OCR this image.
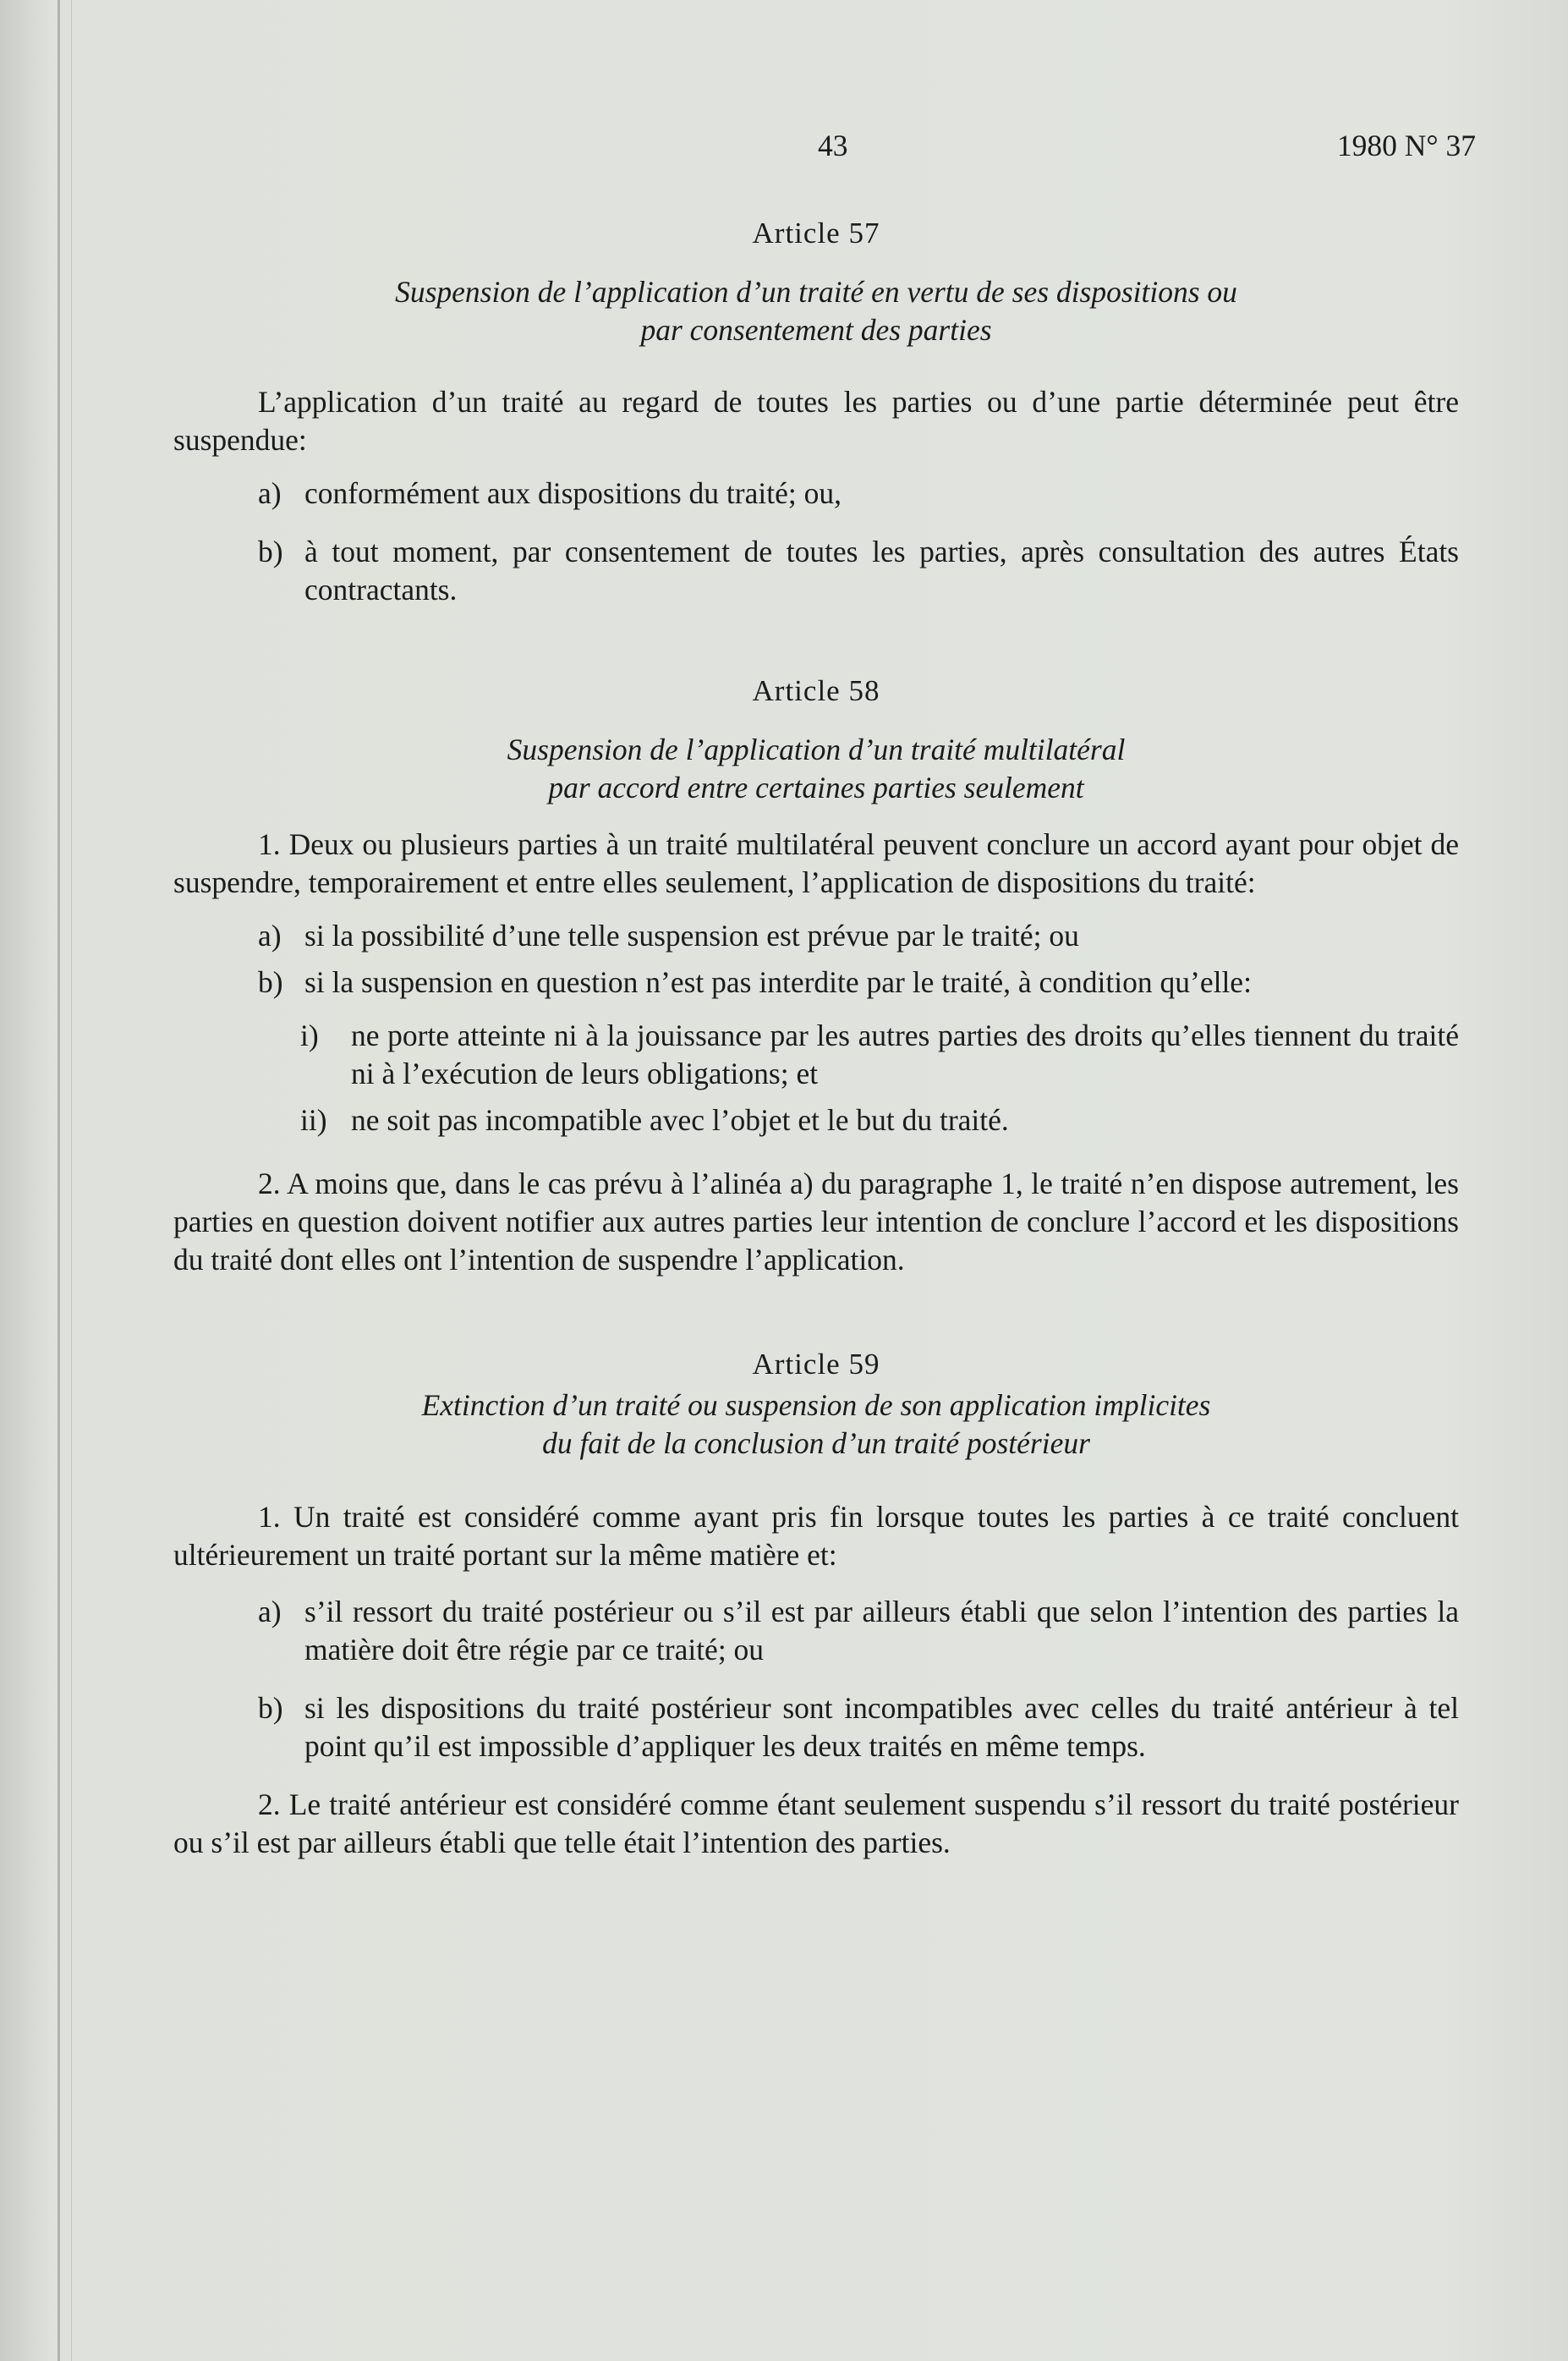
43	1980 N° 37

Article 57

Suspension de l’application d’un traité en vertu de ses dispositions ou

par consentement des parties

L’application d’un traité au regard de toutes les parties ou d’une partie déterminée peut être suspendue:

a) conformément aux dispositions du traité; ou,
b) à tout moment, par consentement de toutes les parties, après consultation des autres États contractants.

Article 58

Suspension de l’application d’un traité multilatéral

par accord entre certaines parties seulement

1. Deux ou plusieurs parties à un traité multilatéral peuvent conclure un accord ayant pour objet de suspendre, temporairement et entre elles seulement, l’application de dispositions du traité:

a) si la possibilité d’une telle suspension est prévue par le traité; ou
b) si la suspension en question n’est pas interdite par le traité, à condition qu’elle:
i)	ne porte atteinte ni à la jouissance par les autres parties des droits qu’elles tiennent du traité ni à l’exécution de leurs obligations; et
ii) ne soit pas incompatible avec l’objet et le but du traité.

2. A moins que, dans le cas prévu à l’alinéa a) du paragraphe 1, le traité n’en dispose autrement, les parties en question doivent notifier aux autres parties leur intention de conclure l’accord et les dispositions du traité dont elles ont l’intention de suspendre l’application.

Article 59

Extinction d’un traité ou suspension de son application implicites

du fait de la conclusion d’un traité postérieur

1. Un traité est considéré comme ayant pris fin lorsque toutes les parties à ce traité concluent ultérieurement un traité portant sur la même matière et:

a) s’il ressort du traité postérieur ou s’il est par ailleurs établi que selon l’intention des parties la matière doit être régie par ce traité; ou
b) si les dispositions du traité postérieur sont incompatibles avec celles du traité antérieur à tel point qu’il est impossible d’appliquer les deux traités en même temps.

2. Le traité antérieur est considéré comme étant seulement suspendu s’il ressort du traité postérieur ou s’il est par ailleurs établi que telle était l’intention des parties.
